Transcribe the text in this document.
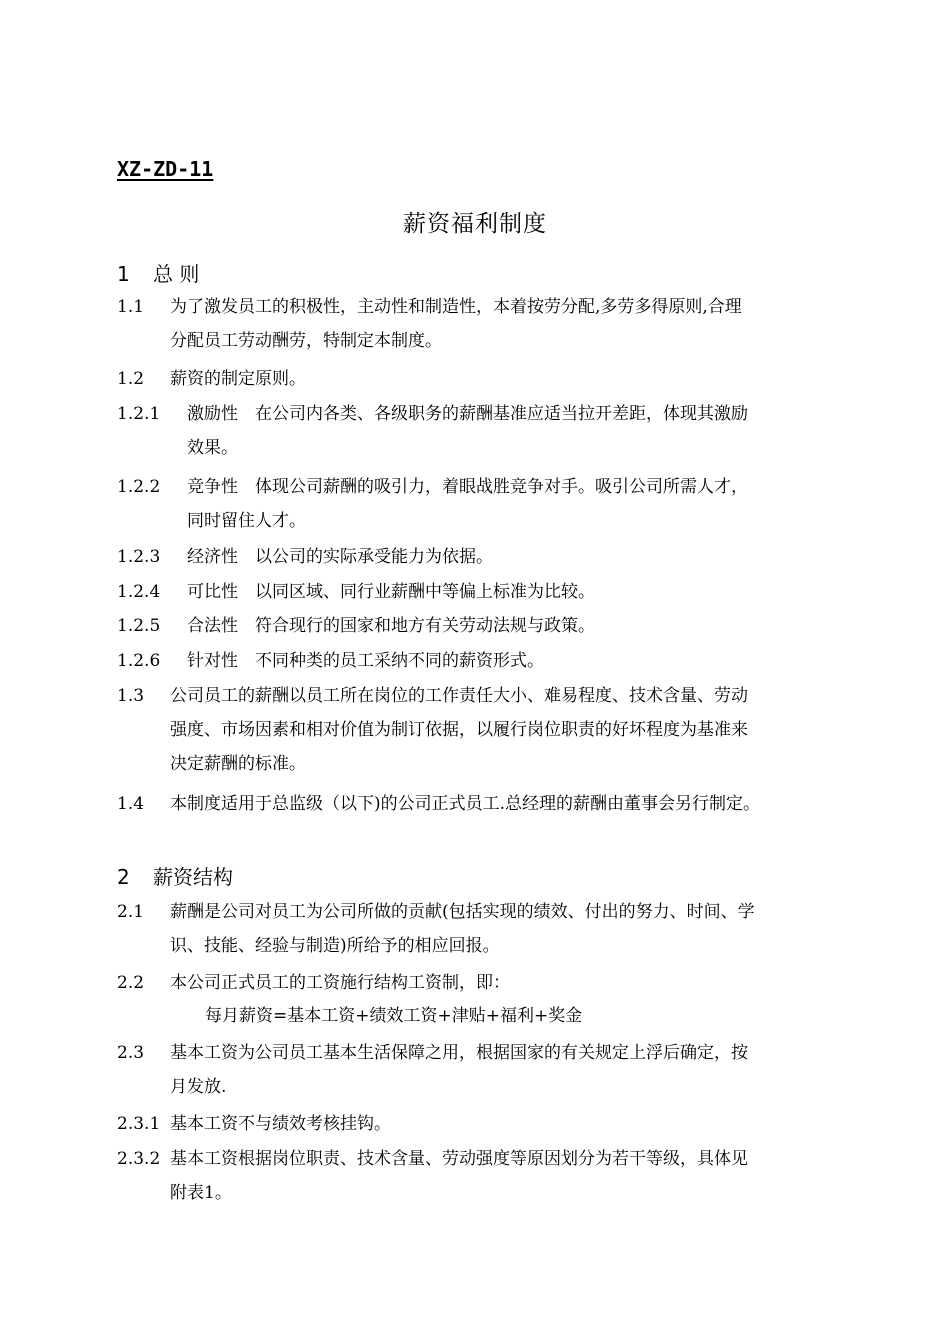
XZ-ZD-11
薪资福利制度
1 总 则
1.1 为了激发员工的积极性，主动性和制造性，本着按劳分配,多劳多得原则,合理
分配员工劳动酬劳，特制定本制度。
1.2 薪资的制定原则。
1.2.1 激励性　在公司内各类、各级职务的薪酬基准应适当拉开差距，体现其激励
效果。
1.2.2 竞争性　体现公司薪酬的吸引力，着眼战胜竞争对手。吸引公司所需人才，
同时留住人才。
1.2.3 经济性　以公司的实际承受能力为依据。
1.2.4 可比性　以同区域、同行业薪酬中等偏上标准为比较。
1.2.5 合法性　符合现行的国家和地方有关劳动法规与政策。
1.2.6 针对性　不同种类的员工采纳不同的薪资形式。
1.3 公司员工的薪酬以员工所在岗位的工作责任大小、难易程度、技术含量、劳动
强度、市场因素和相对价值为制订依据，以履行岗位职责的好坏程度为基准来
决定薪酬的标准。
1.4 本制度适用于总监级（以下)的公司正式员工.总经理的薪酬由董事会另行制定。
2 薪资结构
2.1 薪酬是公司对员工为公司所做的贡献(包括实现的绩效、付出的努力、时间、学
识、技能、经验与制造)所给予的相应回报。
2.2 本公司正式员工的工资施行结构工资制，即：
每月薪资=基本工资+绩效工资+津贴+福利+奖金
2.3 基本工资为公司员工基本生活保障之用，根据国家的有关规定上浮后确定，按
月发放.
2.3.1 基本工资不与绩效考核挂钩。
2.3.2 基本工资根据岗位职责、技术含量、劳动强度等原因划分为若干等级，具体见
附表1。
